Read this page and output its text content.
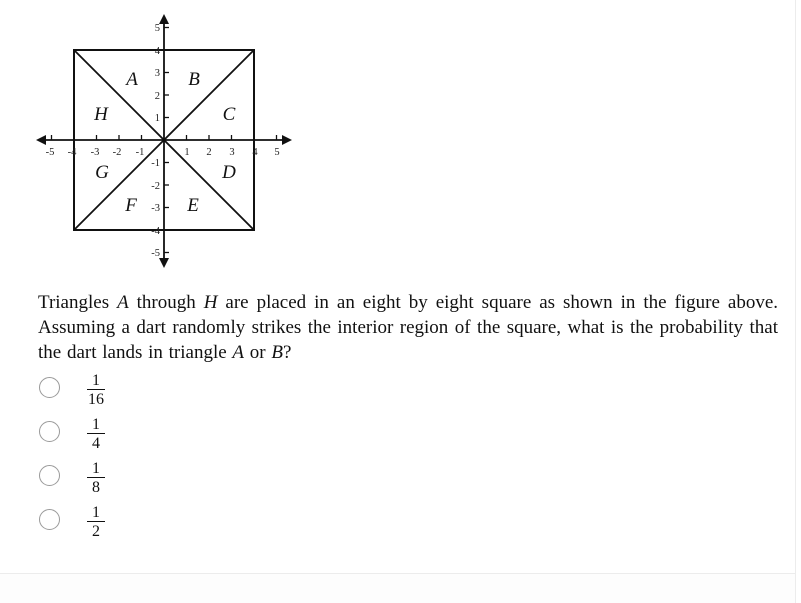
-5 -4 -3 -2 -1	1 2 3 4 5
5
4
3
2
1
-1
-2
-3
-4
-5
A	B
C
D
E
F
G
H
Triangles A through H are placed in an eight by eight square as shown in the figure above. Assuming a dart randomly strikes the interior region of the square, what is the probability that the dart lands in triangle A or B?
1
16
1
4
1
8
1
2
